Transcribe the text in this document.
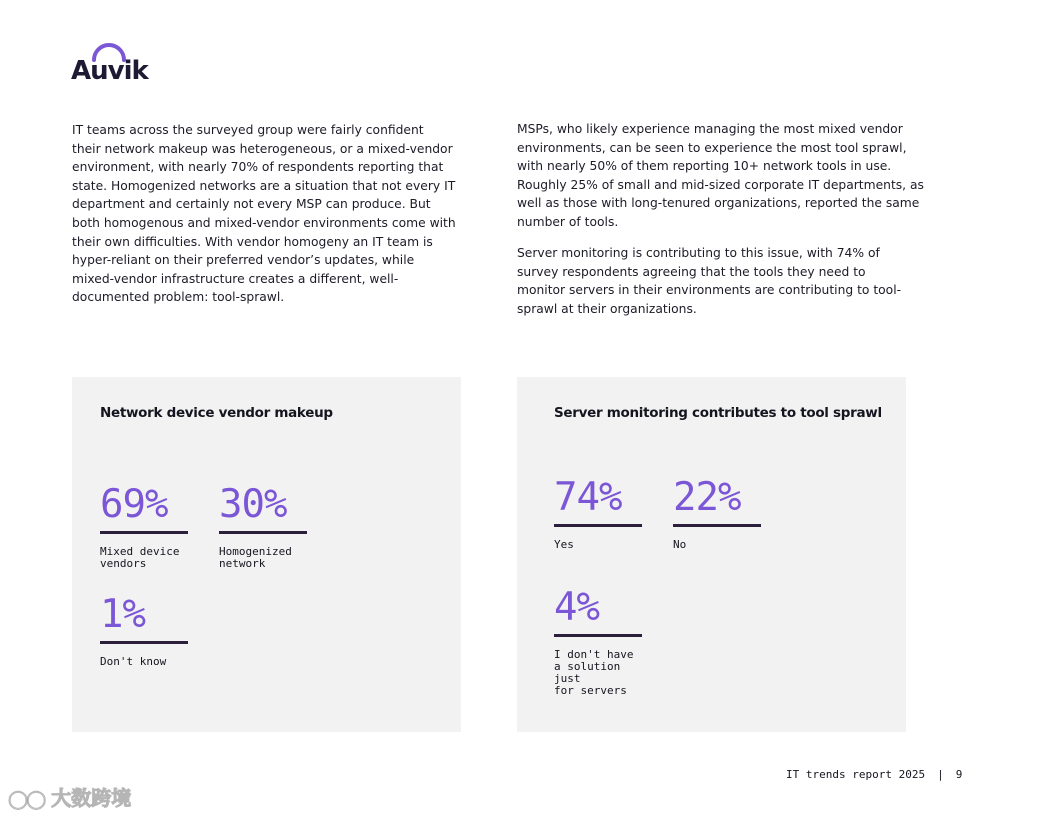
Auvik

IT teams across the surveyed group were fairly confident their network makeup was heterogeneous, or a mixed-vendor environment, with nearly 70% of respondents reporting that state. Homogenized networks are a situation that not every IT department and certainly not every MSP can produce. But both homogenous and mixed-vendor environments come with their own difficulties. With vendor homogeny an IT team is hyper-reliant on their preferred vendor’s updates, while mixed-vendor infrastructure creates a different, well-documented problem: tool-sprawl.

MSPs, who likely experience managing the most mixed vendor environments, can be seen to experience the most tool sprawl, with nearly 50% of them reporting 10+ network tools in use. Roughly 25% of small and mid-sized corporate IT departments, as well as those with long-tenured organizations, reported the same number of tools.

Server monitoring is contributing to this issue, with 74% of survey respondents agreeing that the tools they need to monitor servers in their environments are contributing to tool-sprawl at their organizations.

Network device vendor makeup
69%
Mixed device
vendors
30%
Homogenized
network
1%
Don't know
Server monitoring contributes to tool sprawl
74%
Yes
22%
No
4%
I don't have
a solution just
for servers
IT trends report 2025 | 9
◯◯ 大数跨境
